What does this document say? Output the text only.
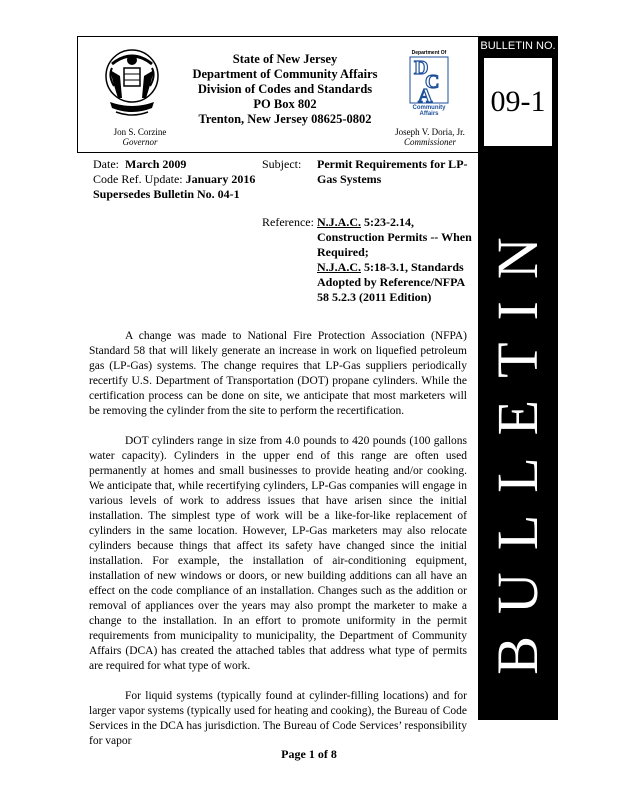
Department Of
D
C
A
Community
Affairs
State of New Jersey
Department of Community Affairs
Division of Codes and Standards
PO Box 802
Trenton, New Jersey 08625-0802
Jon S. Corzine
Governor
Joseph V. Doria, Jr.
Commissioner
BULLETIN NO.
09-1
BULLETIN
Date: March 2009
Code Ref. Update: January 2016
Supersedes Bulletin No. 04-1
Subject: Permit Requirements for LP-Gas Systems
Reference: N.J.A.C. 5:23-2.14, Construction Permits -- When Required;
N.J.A.C. 5:18-3.1, Standards Adopted by Reference/NFPA 58 5.2.3 (2011 Edition)

A change was made to National Fire Protection Association (NFPA) Standard 58 that will likely generate an increase in work on liquefied petroleum gas (LP-Gas) systems. The change requires that LP-Gas suppliers periodically recertify U.S. Department of Transportation (DOT) propane cylinders. While the certification process can be done on site, we anticipate that most marketers will be removing the cylinder from the site to perform the recertification.

DOT cylinders range in size from 4.0 pounds to 420 pounds (100 gallons water capacity). Cylinders in the upper end of this range are often used permanently at homes and small businesses to provide heating and/or cooking. We anticipate that, while recertifying cylinders, LP-Gas companies will engage in various levels of work to address issues that have arisen since the initial installation. The simplest type of work will be a like-for-like replacement of cylinders in the same location. However, LP-Gas marketers may also relocate cylinders because things that affect its safety have changed since the initial installation. For example, the installation of air-conditioning equipment, installation of new windows or doors, or new building additions can all have an effect on the code compliance of an installation. Changes such as the addition or removal of appliances over the years may also prompt the marketer to make a change to the installation. In an effort to promote uniformity in the permit requirements from municipality to municipality, the Department of Community Affairs (DCA) has created the attached tables that address what type of permits are required for what type of work.

For liquid systems (typically found at cylinder-filling locations) and for larger vapor systems (typically used for heating and cooking), the Bureau of Code Services in the DCA has jurisdiction. The Bureau of Code Services’ responsibility for vapor

Page 1 of 8
